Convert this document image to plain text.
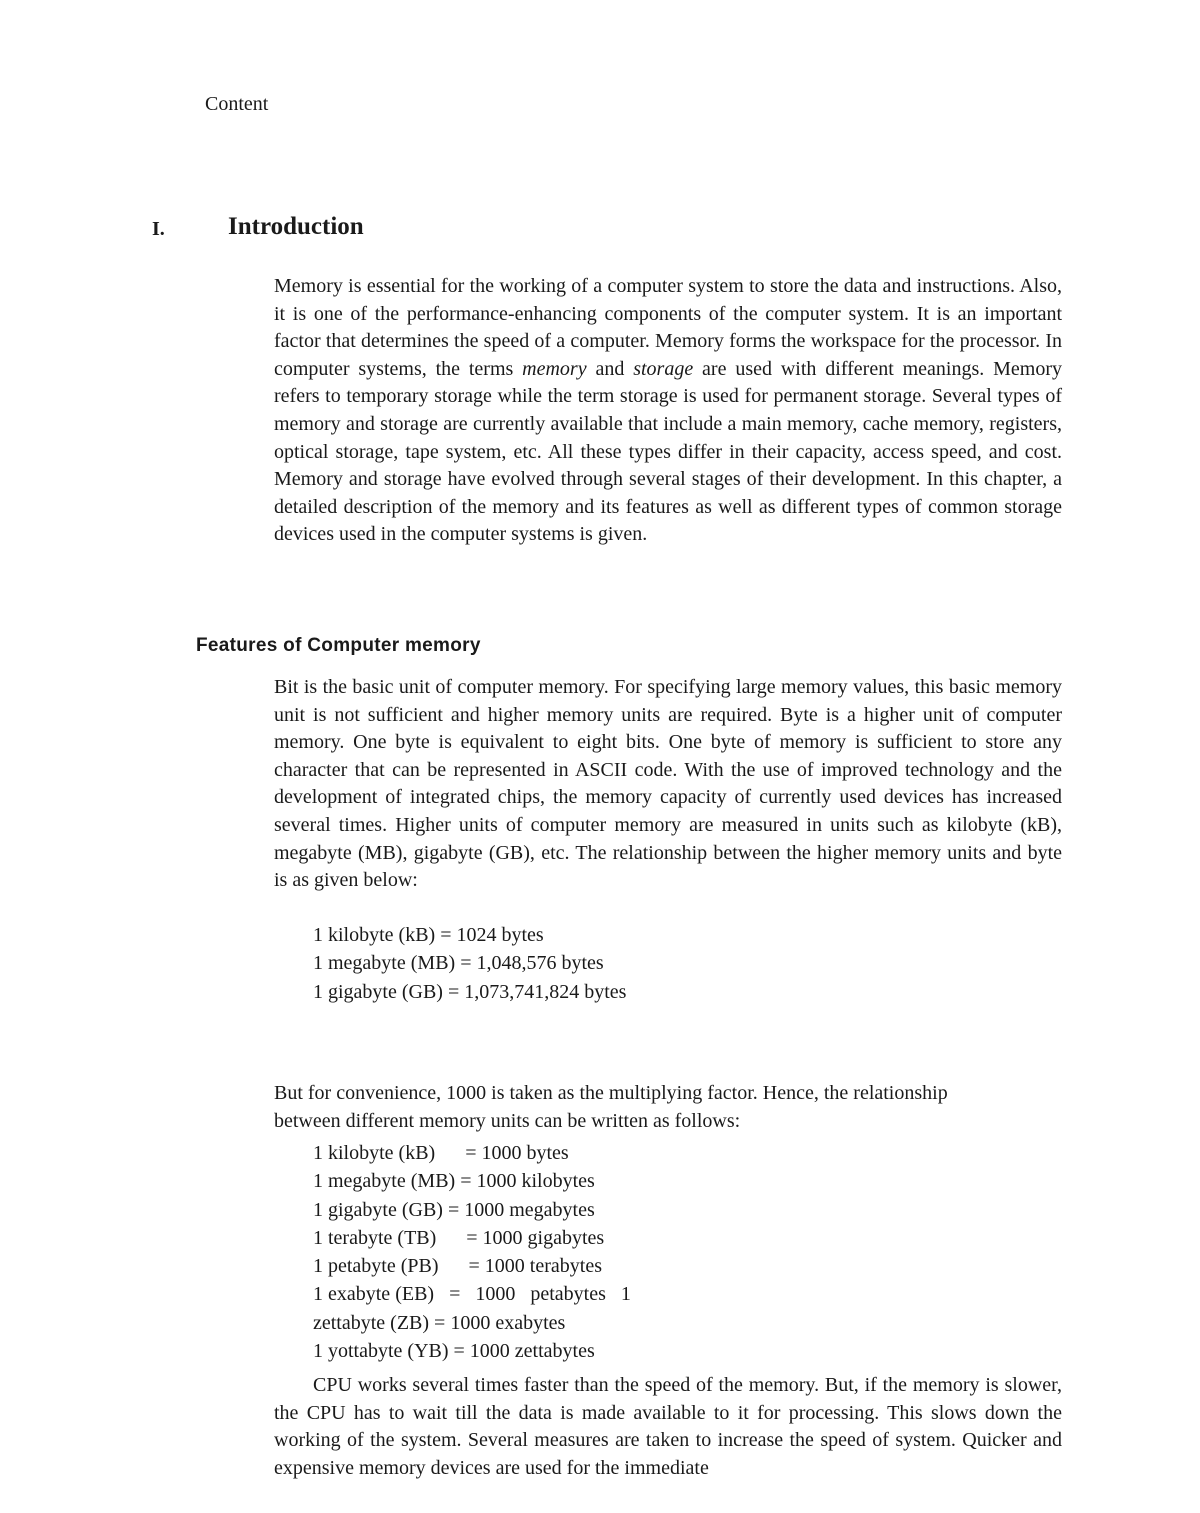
Content
I.	Introduction

Memory is essential for the working of a computer system to store the data and instructions. Also, it is one of the performance-enhancing components of the computer system. It is an important factor that determines the speed of a computer. Memory forms the workspace for the processor. In computer systems, the terms memory and storage are used with different meanings. Memory refers to temporary storage while the term storage is used for permanent storage. Several types of memory and storage are currently available that include a main memory, cache memory, registers, optical storage, tape system, etc. All these types differ in their capacity, access speed, and cost. Memory and storage have evolved through several stages of their development. In this chapter, a detailed description of the memory and its features as well as different types of common storage devices used in the computer systems is given.

Features of Computer memory

Bit is the basic unit of computer memory. For specifying large memory values, this basic memory unit is not sufficient and higher memory units are required. Byte is a higher unit of computer memory. One byte is equivalent to eight bits. One byte of memory is sufficient to store any character that can be represented in ASCII code. With the use of improved technology and the development of integrated chips, the memory capacity of currently used devices has increased several times. Higher units of computer memory are measured in units such as kilobyte (kB), megabyte (MB), gigabyte (GB), etc. The relationship between the higher memory units and byte is as given below:

1 kilobyte (kB) = 1024 bytes
1 megabyte (MB) = 1,048,576 bytes
1 gigabyte (GB) = 1,073,741,824 bytes

But for convenience, 1000 is taken as the multiplying factor. Hence, the relationship
between different memory units can be written as follows:

1 kilobyte (kB)      = 1000 bytes
1 megabyte (MB) = 1000 kilobytes
1 gigabyte (GB) = 1000 megabytes
1 terabyte (TB)      = 1000 gigabytes
1 petabyte (PB)      = 1000 terabytes
1 exabyte (EB)   =   1000   petabytes   1
zettabyte (ZB) = 1000 exabytes
1 yottabyte (YB) = 1000 zettabytes

CPU works several times faster than the speed of the memory. But, if the memory is slower, the CPU has to wait till the data is made available to it for processing. This slows down the working of the system. Several measures are taken to increase the speed of system. Quicker and expensive memory devices are used for the immediate
